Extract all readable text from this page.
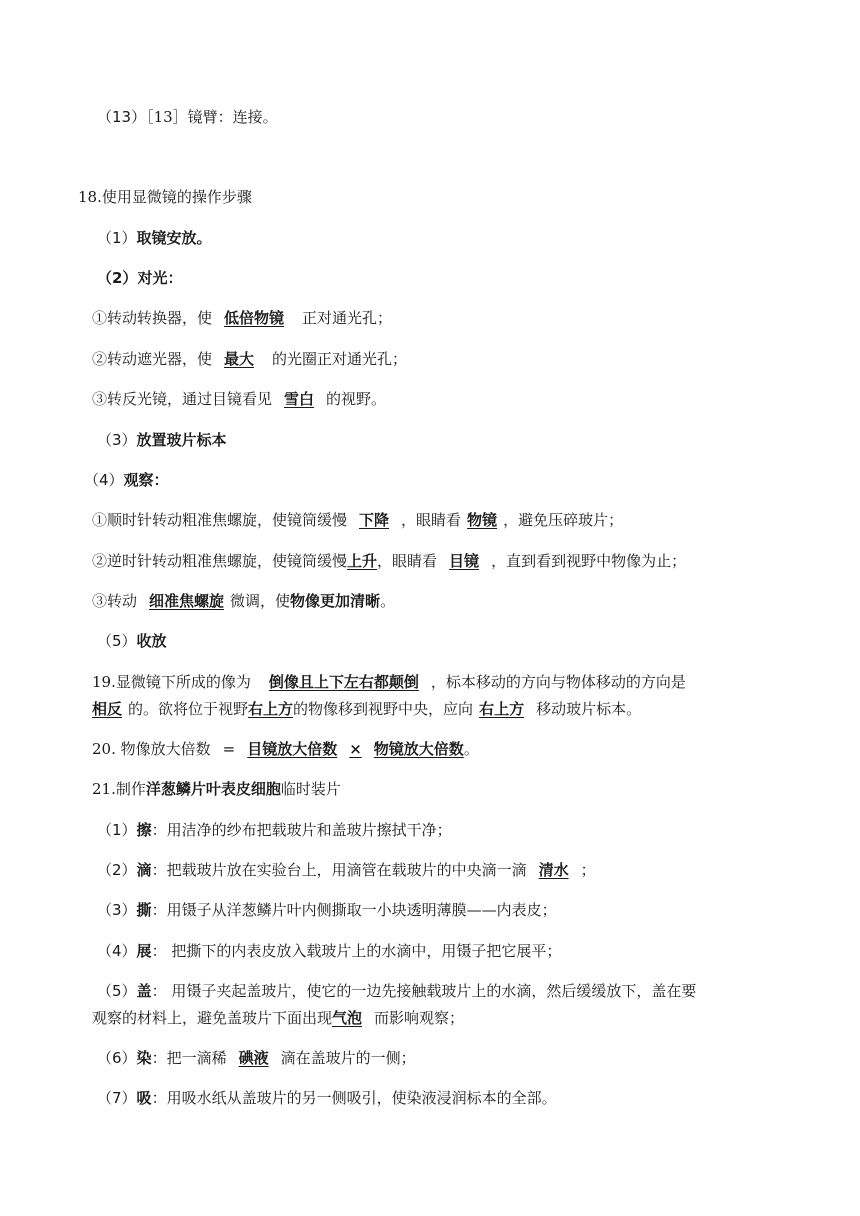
（13）［13］镜臂：连接。
18.使用显微镜的操作步骤
（1）取镜安放。
（2）对光：
①转动转换器，使 低倍物镜 正对通光孔；
②转动遮光器，使 最大 的光圈正对通光孔；
③转反光镜，通过目镜看见 雪白 的视野。
（3）放置玻片标本
（4）观察：
①顺时针转动粗准焦螺旋，使镜筒缓慢 下降 ，眼睛看 物镜 ，避免压碎玻片；
②逆时针转动粗准焦螺旋，使镜筒缓慢上升，眼睛看 目镜 ，直到看到视野中物像为止；
③转动 细准焦螺旋 微调，使物像更加清晰。
（5）收放
19.显微镜下所成的像为 倒像且上下左右都颠倒 ，标本移动的方向与物体移动的方向是
相反 的。欲将位于视野右上方的物像移到视野中央，应向 右上方 移动玻片标本。
20. 物像放大倍数 = 目镜放大倍数 × 物镜放大倍数。
21.制作洋葱鳞片叶表皮细胞临时装片
（1）擦：用洁净的纱布把载玻片和盖玻片擦拭干净；
（2）滴：把载玻片放在实验台上，用滴管在载玻片的中央滴一滴 清水 ；
（3）撕：用镊子从洋葱鳞片叶内侧撕取一小块透明薄膜——内表皮；
（4）展： 把撕下的内表皮放入载玻片上的水滴中，用镊子把它展平；
（5）盖： 用镊子夹起盖玻片，使它的一边先接触载玻片上的水滴，然后缓缓放下，盖在要
观察的材料上，避免盖玻片下面出现气泡 而影响观察；
（6）染：把一滴稀 碘液 滴在盖玻片的一侧；
（7）吸：用吸水纸从盖玻片的另一侧吸引，使染液浸润标本的全部。
